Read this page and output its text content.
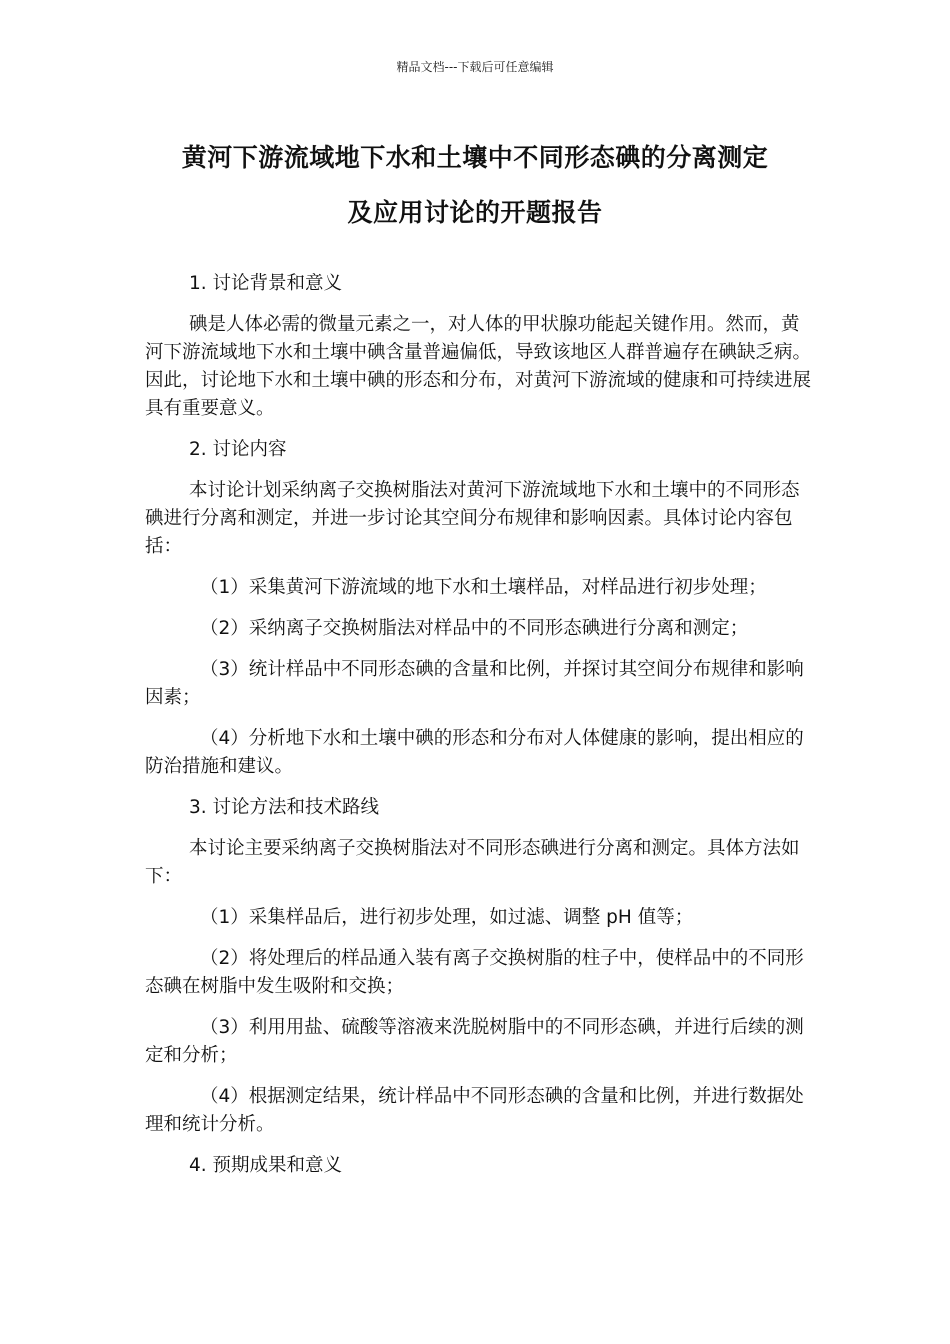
精品文档---下载后可任意编辑
黄河下游流域地下水和土壤中不同形态碘的分离测定
及应用讨论的开题报告

1. 讨论背景和意义

碘是人体必需的微量元素之一，对人体的甲状腺功能起关键作用。然而，黄河下游流域地下水和土壤中碘含量普遍偏低，导致该地区人群普遍存在碘缺乏病。因此，讨论地下水和土壤中碘的形态和分布，对黄河下游流域的健康和可持续进展具有重要意义。

2. 讨论内容

本讨论计划采纳离子交换树脂法对黄河下游流域地下水和土壤中的不同形态碘进行分离和测定，并进一步讨论其空间分布规律和影响因素。具体讨论内容包括：

（1）采集黄河下游流域的地下水和土壤样品，对样品进行初步处理；

（2）采纳离子交换树脂法对样品中的不同形态碘进行分离和测定；

（3）统计样品中不同形态碘的含量和比例，并探讨其空间分布规律和影响因素；

（4）分析地下水和土壤中碘的形态和分布对人体健康的影响，提出相应的防治措施和建议。

3. 讨论方法和技术路线

本讨论主要采纳离子交换树脂法对不同形态碘进行分离和测定。具体方法如下：

（1）采集样品后，进行初步处理，如过滤、调整 pH 值等；

（2）将处理后的样品通入装有离子交换树脂的柱子中，使样品中的不同形态碘在树脂中发生吸附和交换；

（3）利用用盐、硫酸等溶液来洗脱树脂中的不同形态碘，并进行后续的测定和分析；

（4）根据测定结果，统计样品中不同形态碘的含量和比例，并进行数据处理和统计分析。

4. 预期成果和意义
